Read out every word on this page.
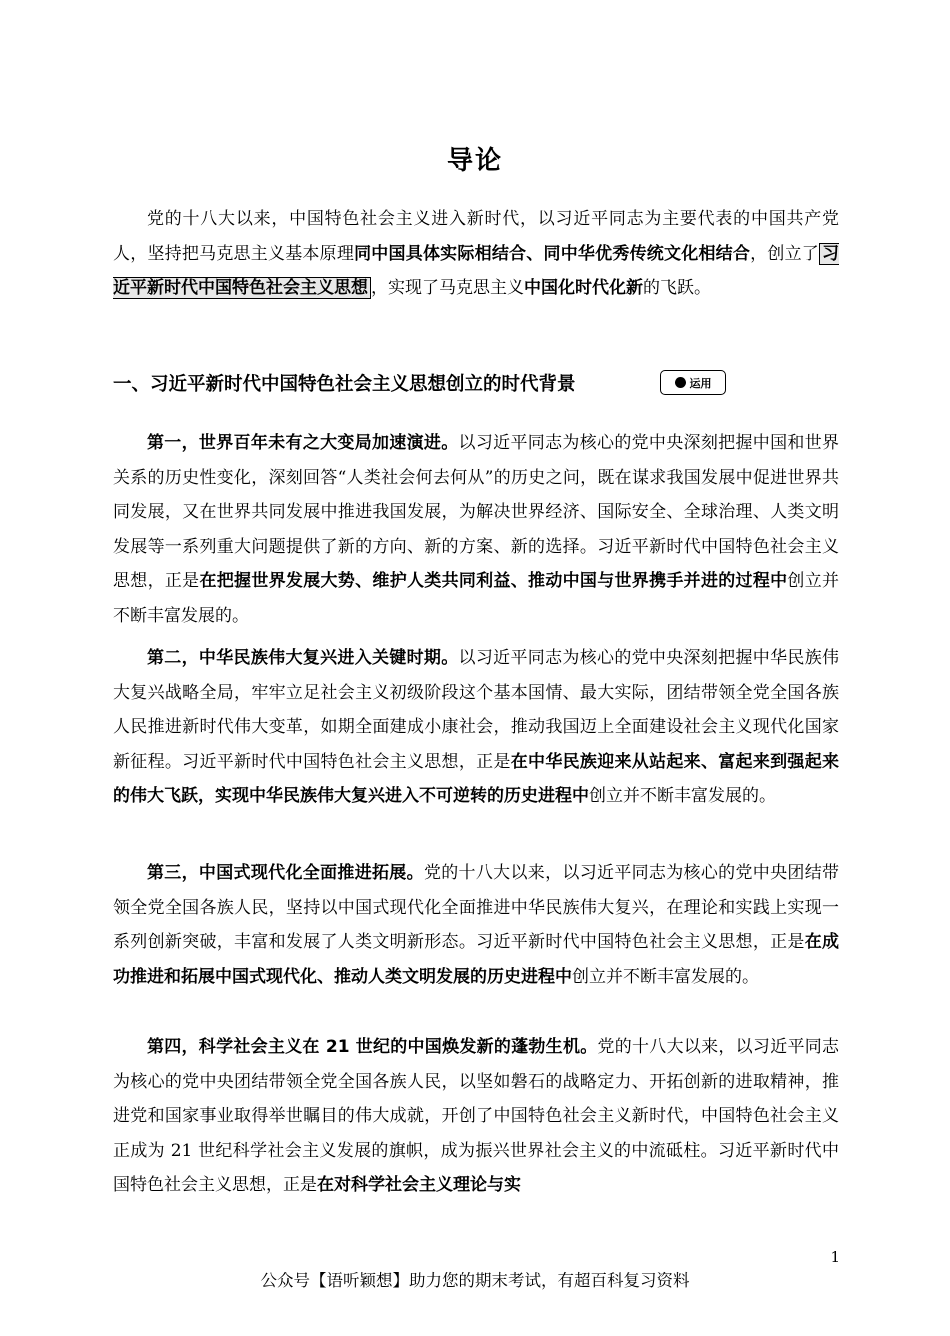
导论

党的十八大以来，中国特色社会主义进入新时代，以习近平同志为主要代表的中国共产党人，坚持把马克思主义基本原理同中国具体实际相结合、同中华优秀传统文化相结合，创立了 习近平新时代中国特色社会主义思想 ，实现了马克思主义中国化时代化新的飞跃。

一、习近平新时代中国特色社会主义思想创立的时代背景	运用

第一，世界百年未有之大变局加速演进。以习近平同志为核心的党中央深刻把握中国和世界关系的历史性变化，深刻回答“人类社会何去何从”的历史之问，既在谋求我国发展中促进世界共同发展，又在世界共同发展中推进我国发展，为解决世界经济、国际安全、全球治理、人类文明发展等一系列重大问题提供了新的方向、新的方案、新的选择。习近平新时代中国特色社会主义思想，正是在把握世界发展大势、维护人类共同利益、推动中国与世界携手并进的过程中创立并不断丰富发展的。

第二，中华民族伟大复兴进入关键时期。以习近平同志为核心的党中央深刻把握中华民族伟大复兴战略全局，牢牢立足社会主义初级阶段这个基本国情、最大实际，团结带领全党全国各族人民推进新时代伟大变革，如期全面建成小康社会，推动我国迈上全面建设社会主义现代化国家新征程。习近平新时代中国特色社会主义思想，正是在中华民族迎来从站起来、富起来到强起来的伟大飞跃，实现中华民族伟大复兴进入不可逆转的历史进程中创立并不断丰富发展的。

第三，中国式现代化全面推进拓展。党的十八大以来，以习近平同志为核心的党中央团结带领全党全国各族人民，坚持以中国式现代化全面推进中华民族伟大复兴，在理论和实践上实现一系列创新突破，丰富和发展了人类文明新形态。习近平新时代中国特色社会主义思想，正是在成功推进和拓展中国式现代化、推动人类文明发展的历史进程中创立并不断丰富发展的。

第四，科学社会主义在 21 世纪的中国焕发新的蓬勃生机。党的十八大以来，以习近平同志为核心的党中央团结带领全党全国各族人民，以坚如磐石的战略定力、开拓创新的进取精神，推进党和国家事业取得举世瞩目的伟大成就，开创了中国特色社会主义新时代，中国特色社会主义正成为 21 世纪科学社会主义发展的旗帜，成为振兴世界社会主义的中流砥柱。习近平新时代中国特色社会主义思想，正是在对科学社会主义理论与实

1
公众号【语听颖想】助力您的期末考试，有超百科复习资料
